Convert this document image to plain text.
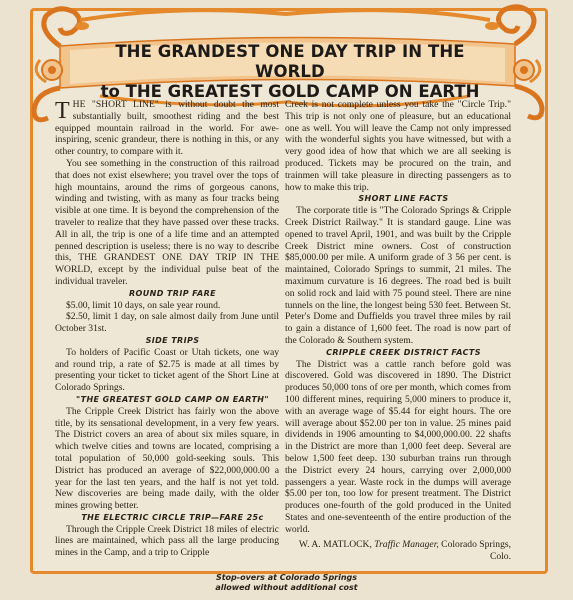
THE GRANDEST ONE DAY TRIP IN THE WORLD
to THE GREATEST GOLD CAMP ON EARTH

THE "SHORT LINE" is without doubt the most substantially built, smoothest riding and the best equipped mountain railroad in the world. For awe-inspiring, scenic grandeur, there is nothing in this, or any other country, to compare with it.

You see something in the construction of this railroad that does not exist elsewhere; you travel over the tops of high mountains, around the rims of gorgeous canons, winding and twisting, with as many as four tracks being visible at one time. It is beyond the comprehension of the traveler to realize that they have passed over these tracks. All in all, the trip is one of a life time and an attempted penned description is useless; there is no way to describe this, THE GRANDEST ONE DAY TRIP IN THE WORLD, except by the individual pulse beat of the individual traveler.

ROUND TRIP FARE

$5.00, limit 10 days, on sale year round.

$2.50, limit 1 day, on sale almost daily from June until October 31st.

SIDE TRIPS

To holders of Pacific Coast or Utah tickets, one way and round trip, a rate of $2.75 is made at all times by presenting your ticket to ticket agent of the Short Line at Colorado Springs.

"THE GREATEST GOLD CAMP ON EARTH"

The Cripple Creek District has fairly won the above title, by its sensational development, in a very few years. The District covers an area of about six miles square, in which twelve cities and towns are located, comprising a total population of 50,000 gold-seeking souls. This District has produced an average of $22,000,000.00 a year for the last ten years, and the half is not yet told. New discoveries are being made daily, with the older mines growing better.

THE ELECTRIC CIRCLE TRIP—FARE 25c

Through the Cripple Creek District 18 miles of electric lines are maintained, which pass all the large producing mines in the Camp, and a trip to Cripple

Creek is not complete unless you take the "Circle Trip." This trip is not only one of pleasure, but an educational one as well. You will leave the Camp not only impressed with the wonderful sights you have witnessed, but with a very good idea of how that which we are all seeking is produced. Tickets may be procured on the train, and trainmen will take pleasure in directing passengers as to how to make this trip.

SHORT LINE FACTS

The corporate title is "The Colorado Springs & Cripple Creek District Railway." It is standard gauge. Line was opened to travel April, 1901, and was built by the Cripple Creek District mine owners. Cost of construction $85,000.00 per mile. A uniform grade of 3 56 per cent. is maintained, Colorado Springs to summit, 21 miles. The maximum curvature is 16 degrees. The road bed is built on solid rock and laid with 75 pound steel. There are nine tunnels on the line, the longest being 530 feet. Between St. Peter's Dome and Duffields you travel three miles by rail to gain a distance of 1,600 feet. The road is now part of the Colorado & Southern system.

CRIPPLE CREEK DISTRICT FACTS

The District was a cattle ranch before gold was discovered. Gold was discovered in 1890. The District produces 50,000 tons of ore per month, which comes from 100 different mines, requiring 5,000 miners to produce it, with an average wage of $5.44 for eight hours. The ore will average about $52.00 per ton in value. 25 mines paid dividends in 1906 amounting to $4,000,000.00. 22 shafts in the District are more than 1,000 feet deep. Several are below 1,500 feet deep. 130 suburban trains run through the District every 24 hours, carrying over 2,000,000 passengers a year. Waste rock in the dumps will average $5.00 per ton, too low for present treatment. The District produces one-fourth of the gold produced in the United States and one-seventeenth of the entire production of the world.

W. A. MATLOCK, Traffic Manager, Colorado Springs, Colo.

Stop-overs at Colorado Springs
allowed without additional cost
